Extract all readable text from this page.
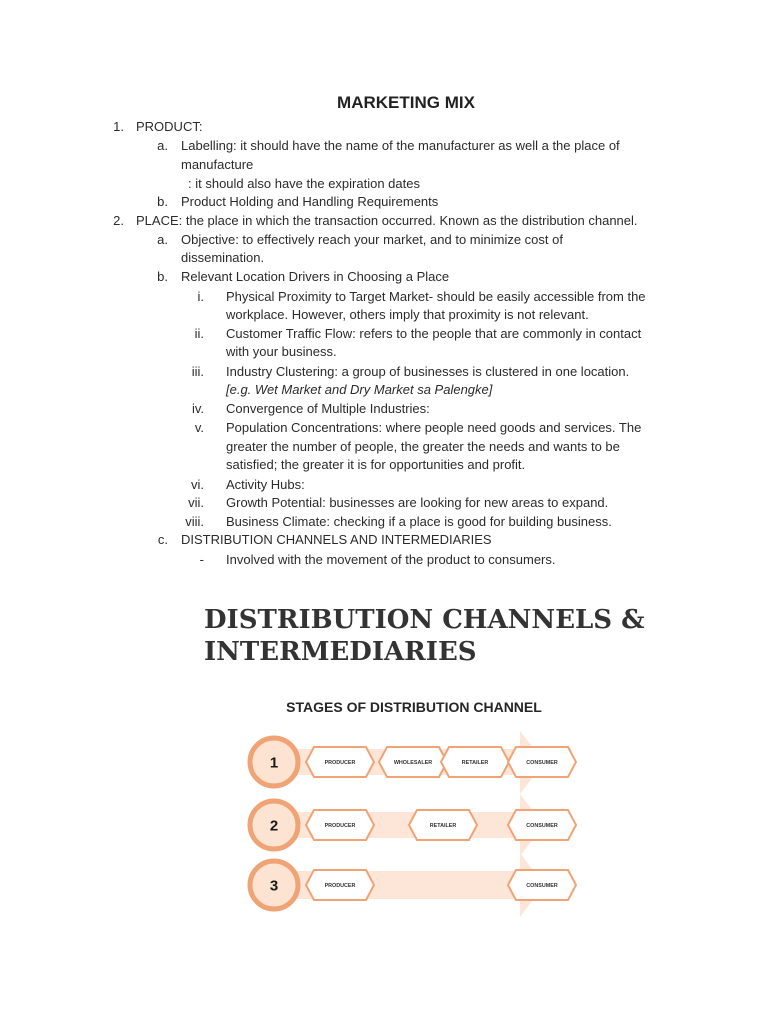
MARKETING MIX
1. PRODUCT:
a. Labelling: it should have the name of the manufacturer as well a the place of
manufacture
: it should also have the expiration dates
b. Product Holding and Handling Requirements
2. PLACE: the place in which the transaction occurred. Known as the distribution channel.
a. Objective: to effectively reach your market, and to minimize cost of
dissemination.
b. Relevant Location Drivers in Choosing a Place
i. Physical Proximity to Target Market- should be easily accessible from the
workplace. However, others imply that proximity is not relevant.
ii. Customer Traffic Flow: refers to the people that are commonly in contact
with your business.
iii. Industry Clustering: a group of businesses is clustered in one location.
[e.g. Wet Market and Dry Market sa Palengke]
iv. Convergence of Multiple Industries:
v. Population Concentrations: where people need goods and services. The
greater the number of people, the greater the needs and wants to be
satisfied; the greater it is for opportunities and profit.
vi. Activity Hubs:
vii. Growth Potential: businesses are looking for new areas to expand.
viii. Business Climate: checking if a place is good for building business.
c. DISTRIBUTION CHANNELS AND INTERMEDIARIES
- Involved with the movement of the product to consumers.
DISTRIBUTION CHANNELS &
INTERMEDIARIES
STAGES OF DISTRIBUTION CHANNEL
1	PRODUCER	WHOLESALER	RETAILER	CONSUMER
2	PRODUCER	RETAILER	CONSUMER
3	PRODUCER	CONSUMER
